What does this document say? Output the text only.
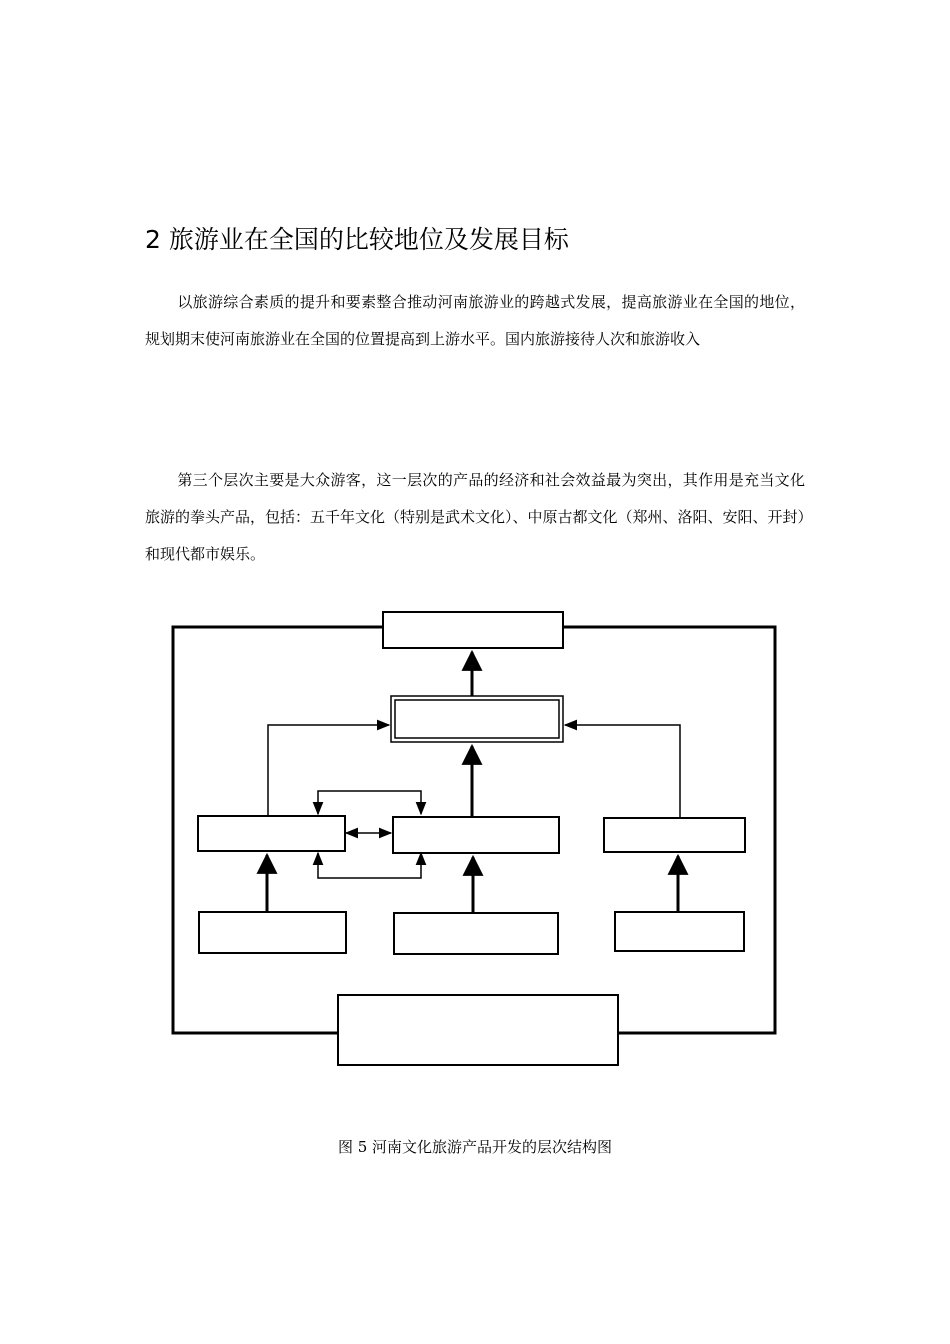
2 旅游业在全国的比较地位及发展目标
以旅游综合素质的提升和要素整合推动河南旅游业的跨越式发展，提高旅游业在全国的地位，规划期末使河南旅游业在全国的位置提高到上游水平。国内旅游接待人次和旅游收入
第三个层次主要是大众游客，这一层次的产品的经济和社会效益最为突出，其作用是充当文化旅游的拳头产品，包括：五千年文化（特别是武术文化）、中原古都文化（郑州、洛阳、安阳、开封）和现代都市娱乐。
图 5 河南文化旅游产品开发的层次结构图
